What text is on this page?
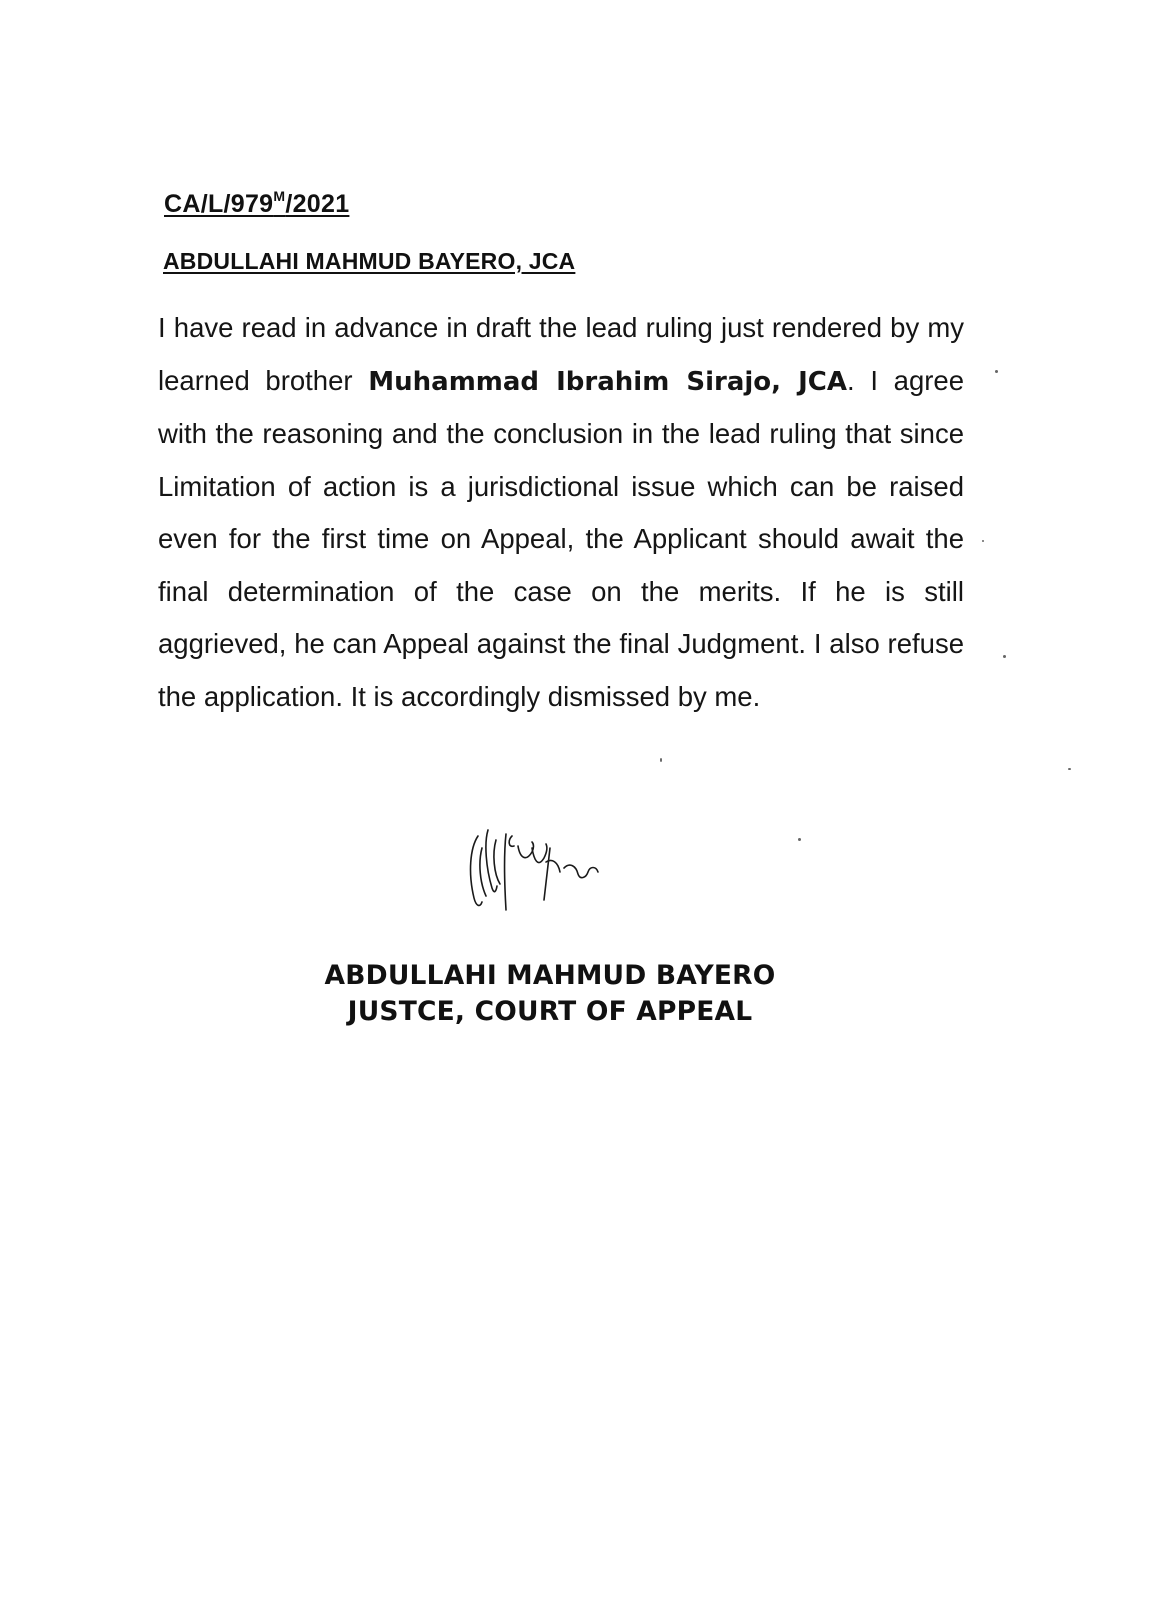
$CA/L/979^M/2021$
ABDULLAHI MAHMUD BAYERO, JCA
I have read in advance in draft the lead ruling just rendered by my learned brother Muhammad Ibrahim Sirajo, JCA. I agree with the reasoning and the conclusion in the lead ruling that since Limitation of action is a jurisdictional issue which can be raised even for the first time on Appeal, the Applicant should await the final determination of the case on the merits. If he is still aggrieved, he can Appeal against the final Judgment. I also refuse the application. It is accordingly dismissed by me.
ABDULLAHI MAHMUD BAYERO
JUSTCE, COURT OF APPEAL
